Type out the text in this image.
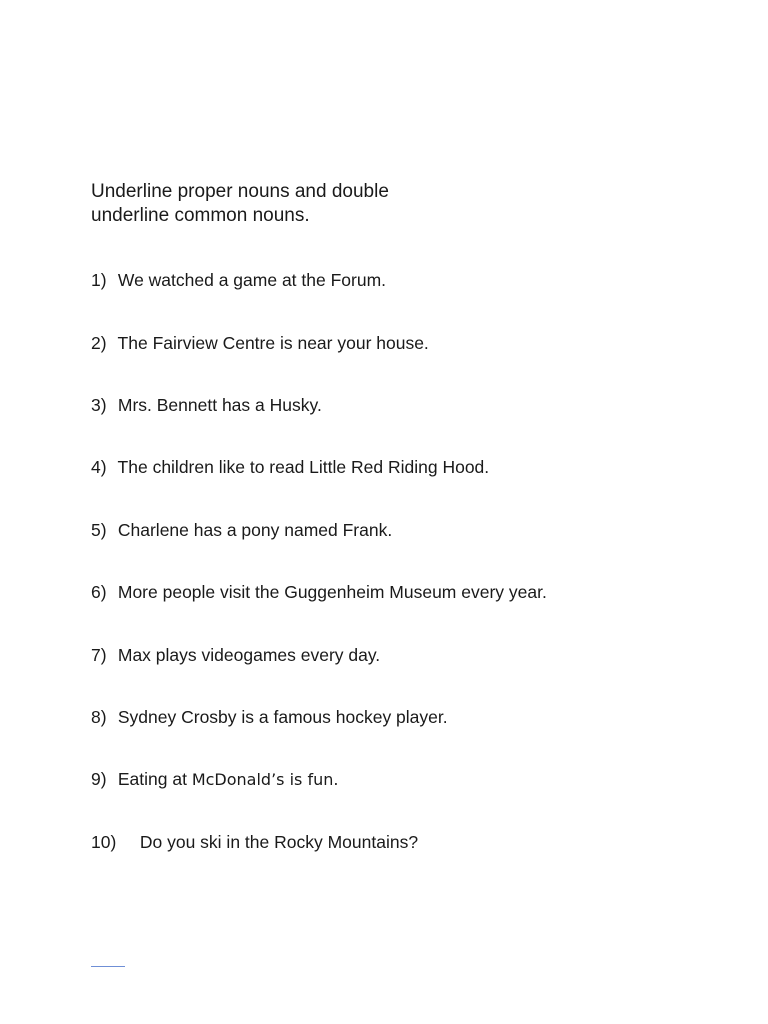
Underline proper nouns and double
underline common nouns.
1) We watched a game at the Forum.
2) The Fairview Centre is near your house.
3) Mrs. Bennett has a Husky.
4) The children like to read Little Red Riding Hood.
5) Charlene has a pony named Frank.
6) More people visit the Guggenheim Museum every year.
7) Max plays videogames every day.
8) Sydney Crosby is a famous hockey player.
9) Eating at McDonald’s is fun.
10) Do you ski in the Rocky Mountains?
